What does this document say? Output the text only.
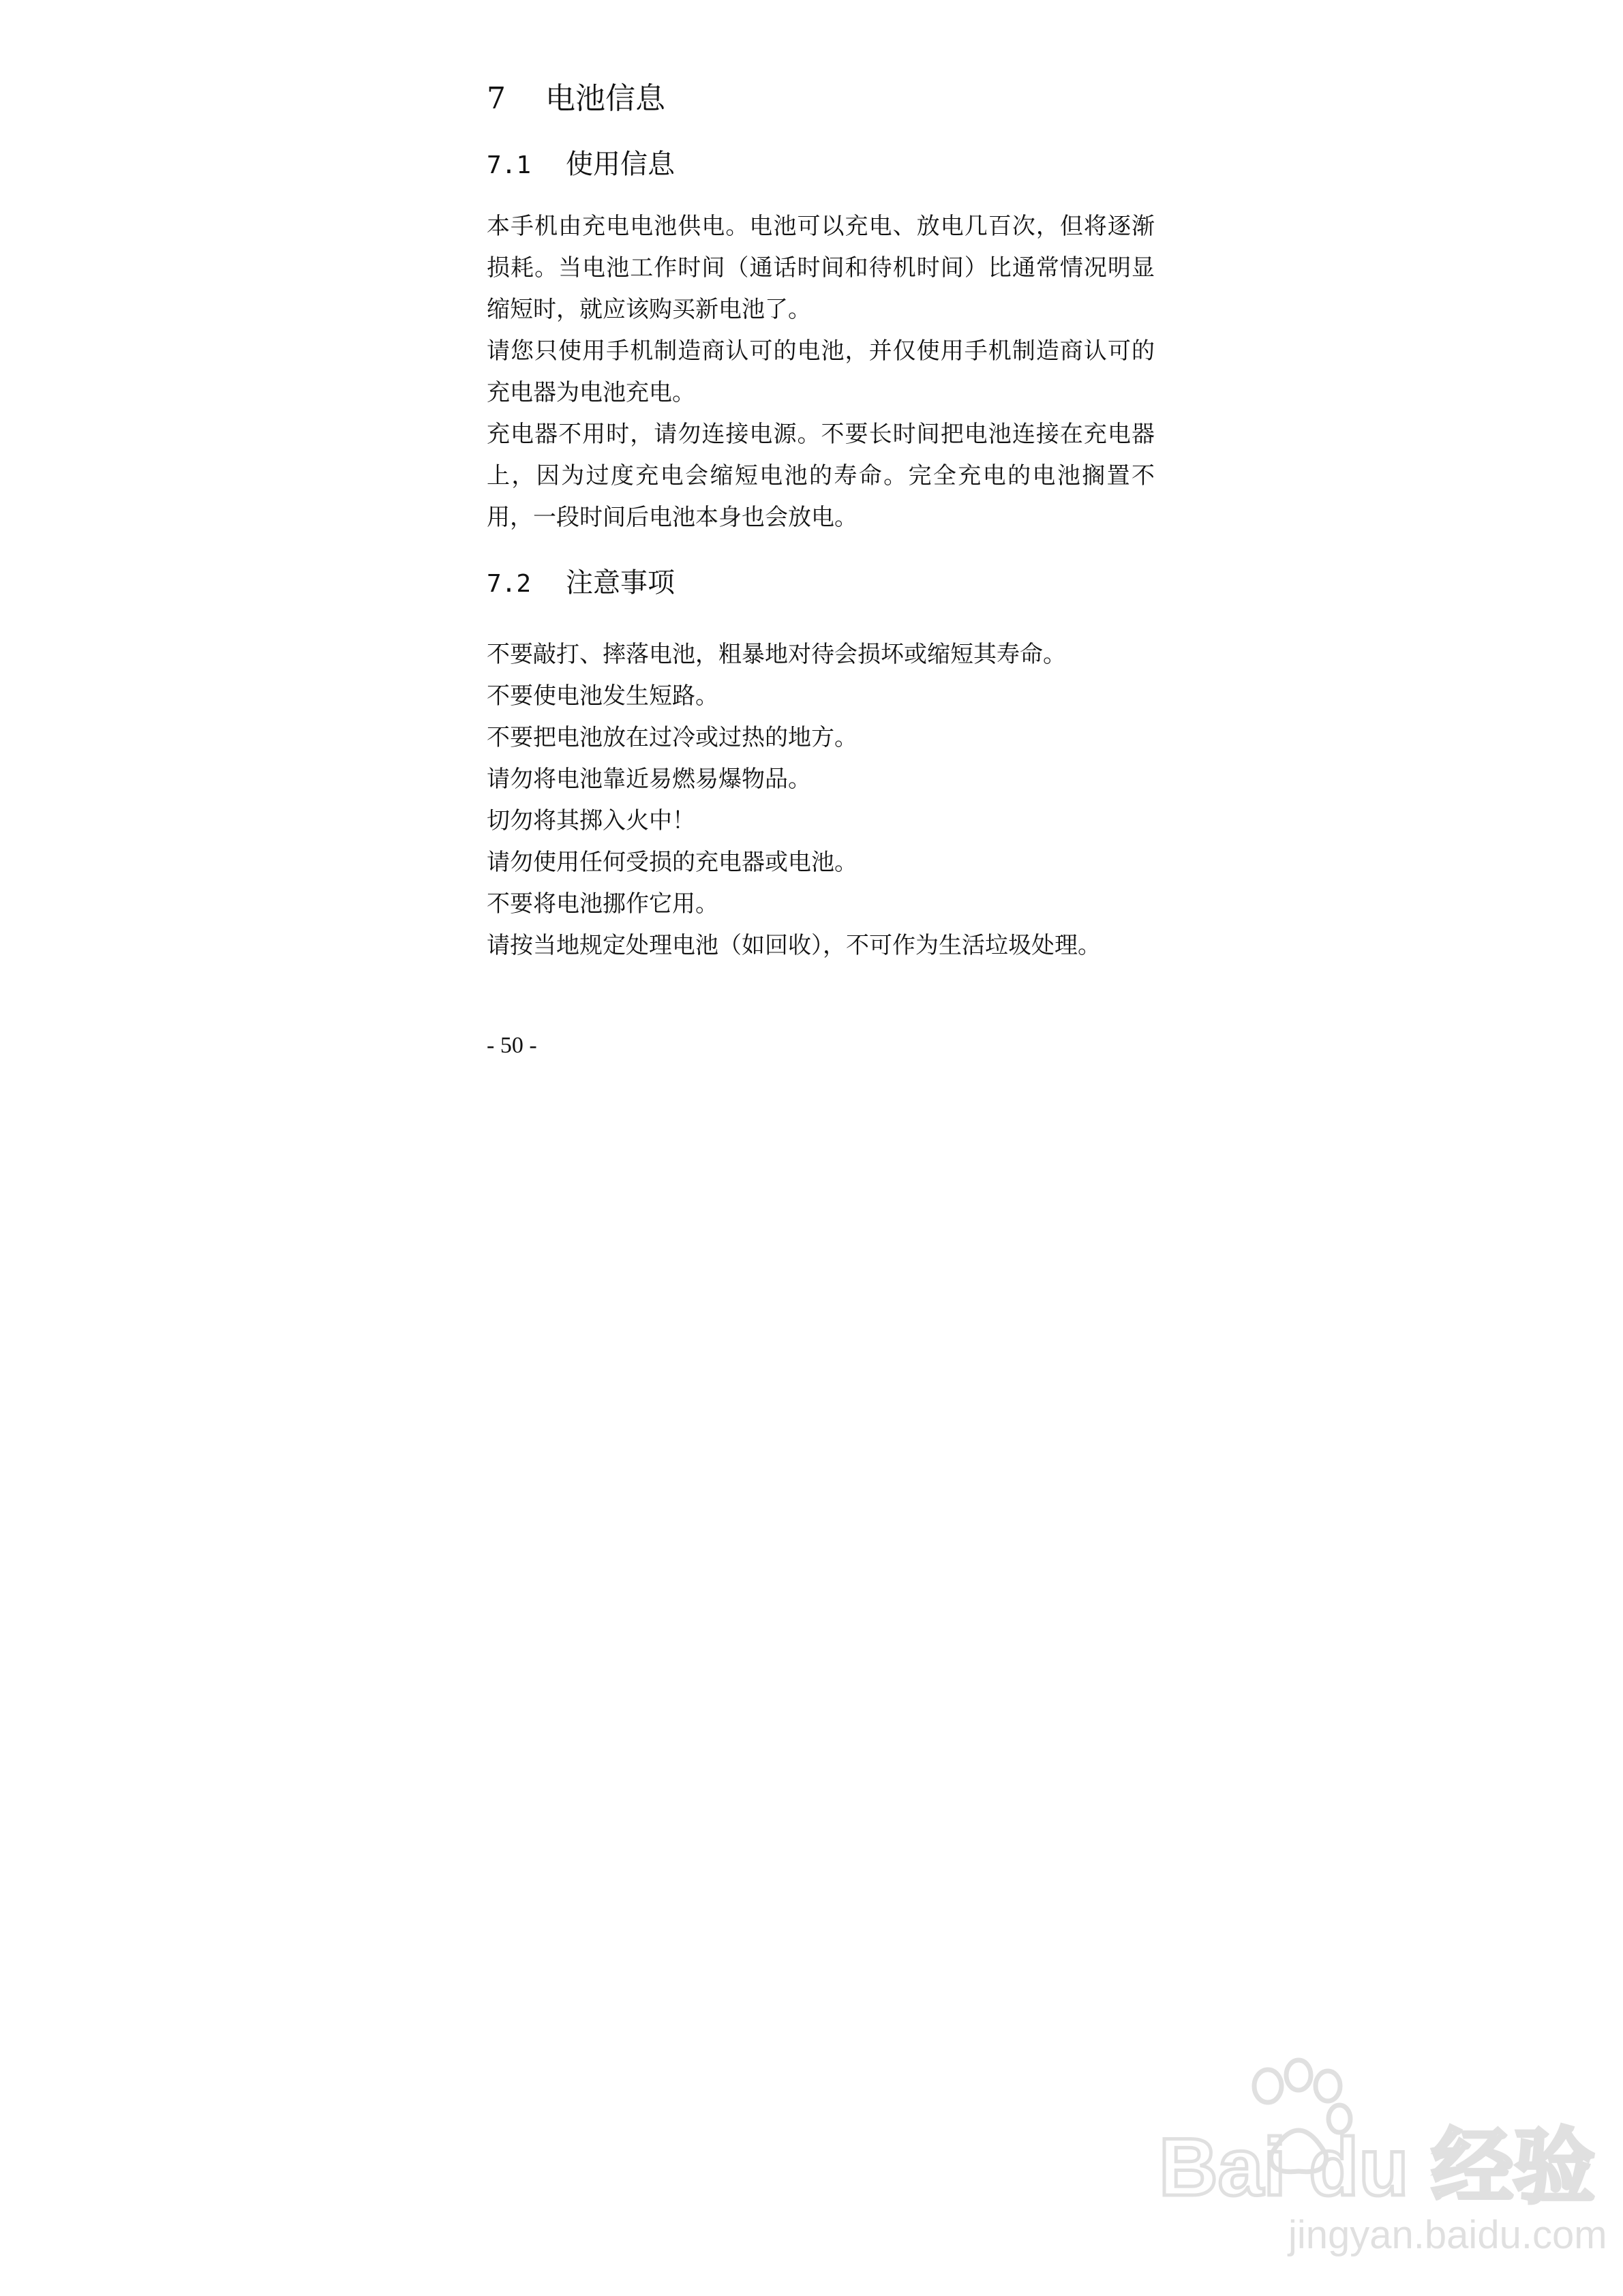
7	电池信息
7.1	使用信息

本手机由充电电池供电。电池可以充电、放电几百次，但将逐渐损耗。当电池工作时间（通话时间和待机时间）比通常情况明显缩短时，就应该购买新电池了。

请您只使用手机制造商认可的电池，并仅使用手机制造商认可的充电器为电池充电。

充电器不用时，请勿连接电源。不要长时间把电池连接在充电器上，因为过度充电会缩短电池的寿命。完全充电的电池搁置不用，一段时间后电池本身也会放电。

7.2	注意事项
不要敲打、摔落电池，粗暴地对待会损坏或缩短其寿命。
不要使电池发生短路。
不要把电池放在过冷或过热的地方。
请勿将电池靠近易燃易爆物品。
切勿将其掷入火中！
请勿使用任何受损的充电器或电池。
不要将电池挪作它用。
请按当地规定处理电池（如回收），不可作为生活垃圾处理。
- 50 -
Bai du 经验
jingyan.baidu.com
